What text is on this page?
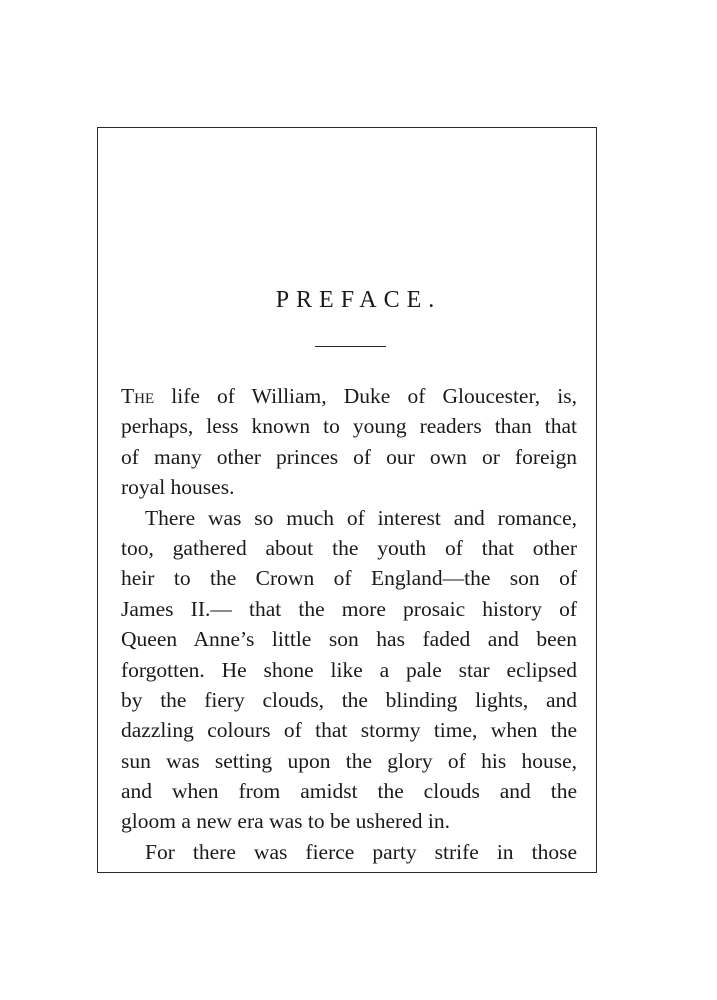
PREFACE.
The life of William, Duke of Gloucester, is,
perhaps, less known to young readers than that
of many other princes of our own or foreign
royal houses.
There was so much of interest and romance,
too, gathered about the youth of that other
heir to the Crown of England—the son of
James II.— that the more prosaic history of
Queen Anne’s little son has faded and been
forgotten. He shone like a pale star eclipsed
by the fiery clouds, the blinding lights, and
dazzling colours of that stormy time, when the
sun was setting upon the glory of his house,
and when from amidst the clouds and the
gloom a new era was to be ushered in.
For there was fierce party strife in those
